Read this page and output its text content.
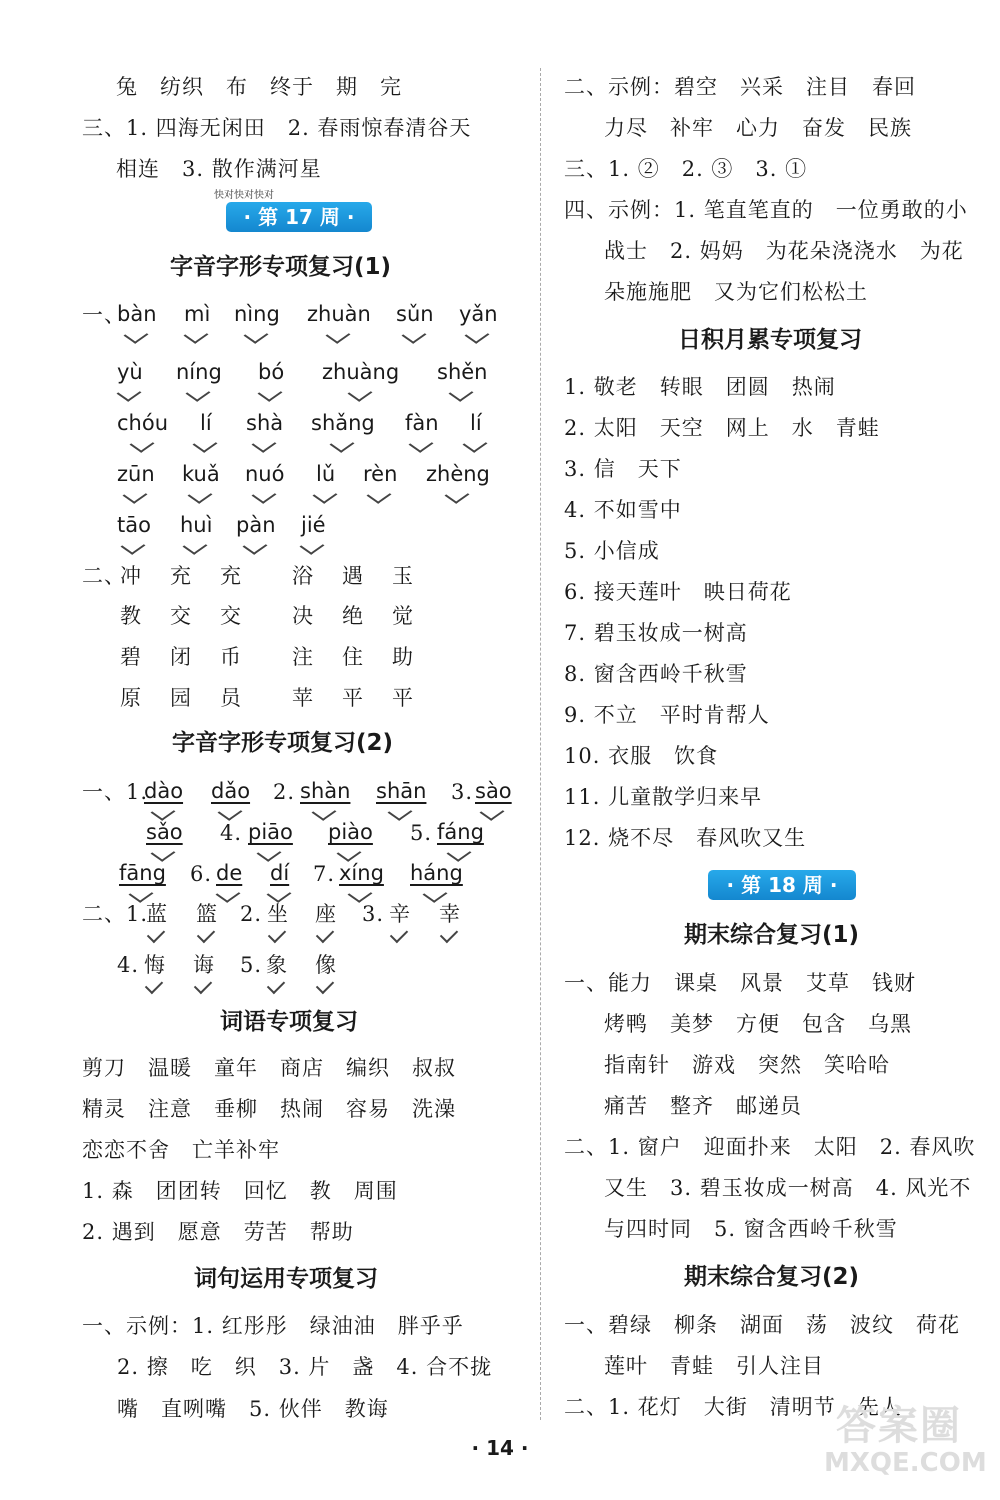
兔　纺织　布　终于　期　完
三、1. 四海无闲田　2. 春雨惊春清谷天
相连　3. 散作满河星
快对快对快对
· 第 17 周 ·
字音字形专项复习(1)
一、
bàn mì nìng zhuàn sǔn yǎn
yù níng bó zhuàng shěn
chóu lí shà shǎng fàn lí
zūn kuǎ nuó lǔ rèn zhèng
tāo huì pàn jié
二、
冲 充 充 浴 遇 玉
教 交 交 决 绝 觉
碧 闭 币 注 住 助
原 园 员 苹 平 平
字音字形专项复习(2)
一、1.
dào dǎo 2. shàn shān 3. sào
sǎo 4. piāo piào 5. fáng
fāng 6. de dí 7. xíng háng
二、1.
蓝 篮 2. 坐 座 3. 辛 幸
4. 悔 诲 5. 象 像
词语专项复习
剪刀　温暖　童年　商店　编织　叔叔
精灵　注意　垂柳　热闹　容易　洗澡
恋恋不舍　亡羊补牢
1. 森　团团转　回忆　教　周围
2. 遇到　愿意　劳苦　帮助
词句运用专项复习
一、示例：1. 红彤彤　绿油油　胖乎乎
2. 擦　吃　织　3. 片　盏　4. 合不拢
嘴　直咧嘴　5. 伙伴　教诲
二、示例：碧空　兴采　注目　春回
力尽　补牢　心力　奋发　民族
三、1. ②　2. ③　3. ①
四、示例：1. 笔直笔直的　一位勇敢的小
战士　2. 妈妈　为花朵浇浇水　为花
朵施施肥　又为它们松松土
日积月累专项复习
1. 敬老　转眼　团圆　热闹
2. 太阳　天空　网上　水　青蛙
3. 信　天下
4. 不如雪中
5. 小信成
6. 接天莲叶　映日荷花
7. 碧玉妆成一树高
8. 窗含西岭千秋雪
9. 不立　平时肯帮人
10. 衣服　饮食
11. 儿童散学归来早
12. 烧不尽　春风吹又生
· 第 18 周 ·
期末综合复习(1)
一、能力　课桌　风景　艾草　钱财
烤鸭　美梦　方便　包含　乌黑
指南针　游戏　突然　笑哈哈
痛苦　整齐　邮递员
二、1. 窗户　迎面扑来　太阳　2. 春风吹
又生　3. 碧玉妆成一树高　4. 风光不
与四时同　5. 窗含西岭千秋雪
期末综合复习(2)
一、碧绿　柳条　湖面　荡　波纹　荷花
莲叶　青蛙　引人注目
二、1. 花灯　大街　清明节　先人
· 14 ·	答案圈
MXQE.COM
